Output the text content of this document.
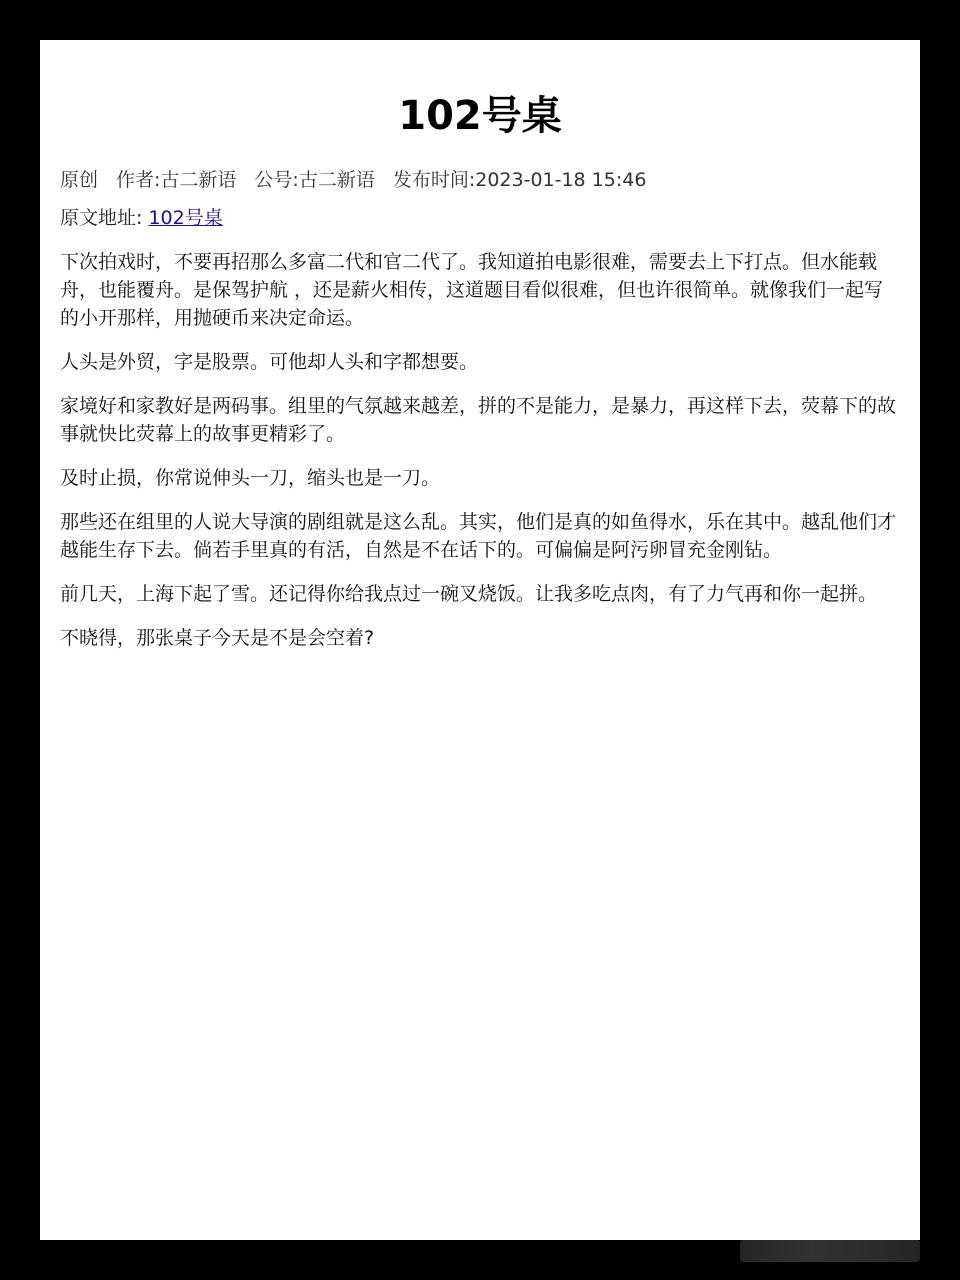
102号桌
原创 作者:古二新语 公号:古二新语 发布时间:2023-01-18 15:46
原文地址: 102号桌

下次拍戏时，不要再招那么多富二代和官二代了。我知道拍电影很难，需要去上下打点。但水能载舟，也能覆舟。是保驾护航 ，还是薪火相传，这道题目看似很难，但也许很简单。就像我们一起写的小开那样，用抛硬币来决定命运。

人头是外贸，字是股票。可他却人头和字都想要。

家境好和家教好是两码事。组里的气氛越来越差，拼的不是能力，是暴力，再这样下去，荧幕下的故事就快比荧幕上的故事更精彩了。

及时止损，你常说伸头一刀，缩头也是一刀。

那些还在组里的人说大导演的剧组就是这么乱。其实，他们是真的如鱼得水，乐在其中。越乱他们才越能生存下去。倘若手里真的有活，自然是不在话下的。可偏偏是阿污卵冒充金刚钻。

前几天，上海下起了雪。还记得你给我点过一碗叉烧饭。让我多吃点肉，有了力气再和你一起拼。

不晓得，那张桌子今天是不是会空着?
